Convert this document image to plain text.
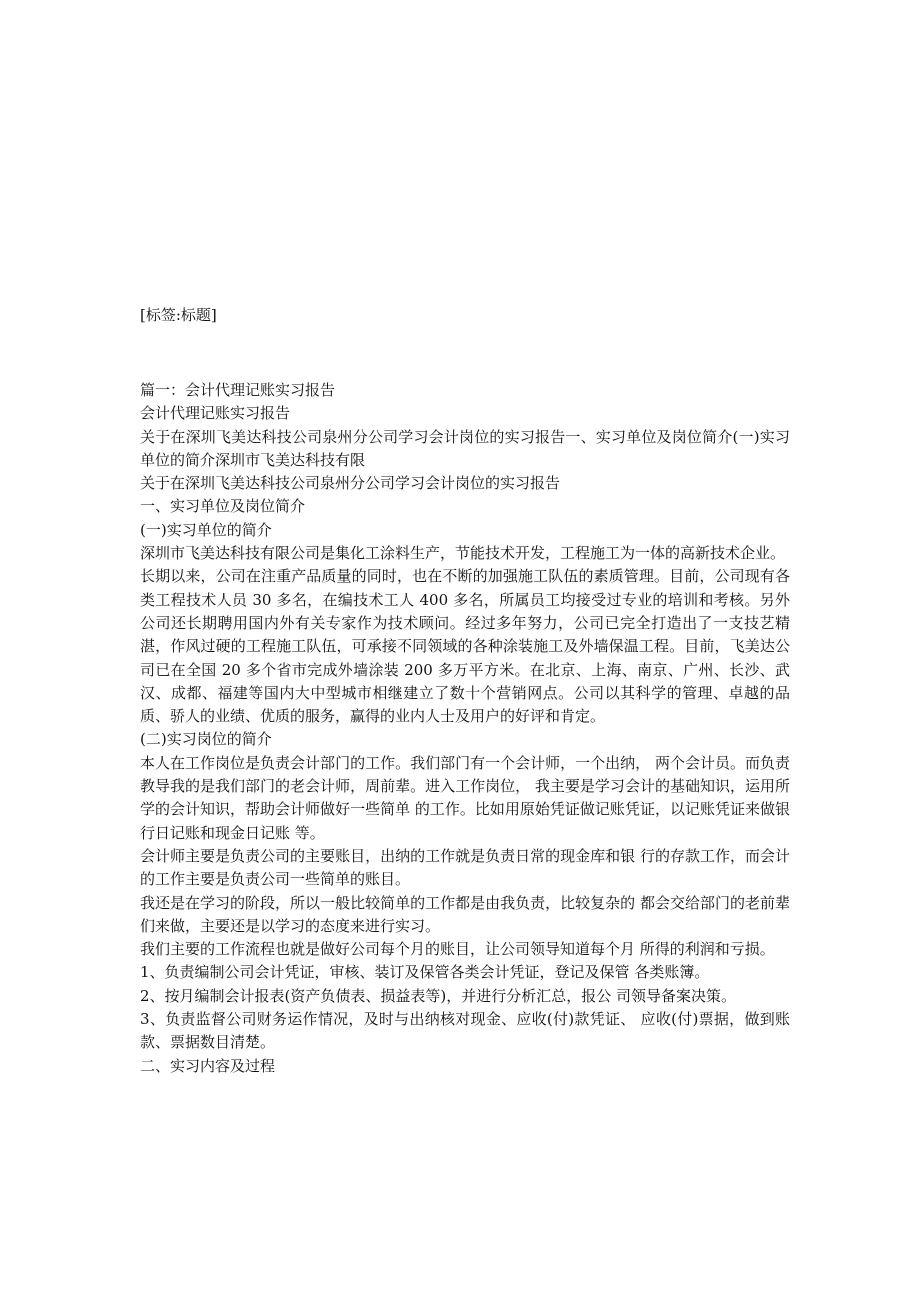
[标签:标题]

篇一：会计代理记账实习报告

会计代理记账实习报告

关于在深圳飞美达科技公司泉州分公司学习会计岗位的实习报告一、实习单位及岗位简介(一)实习单位的简介深圳市飞美达科技有限

关于在深圳飞美达科技公司泉州分公司学习会计岗位的实习报告

一、实习单位及岗位简介

(一)实习单位的简介

深圳市飞美达科技有限公司是集化工涂料生产，节能技术开发，工程施工为一体的高新技术企业。

长期以来，公司在注重产品质量的同时，也在不断的加强施工队伍的素质管理。目前，公司现有各类工程技术人员 30 多名，在编技术工人 400 多名，所属员工均接受过专业的培训和考核。另外公司还长期聘用国内外有关专家作为技术顾问。经过多年努力，公司已完全打造出了一支技艺精湛，作风过硬的工程施工队伍，可承接不同领域的各种涂装施工及外墙保温工程。目前，飞美达公司已在全国 20 多个省市完成外墙涂装 200 多万平方米。在北京、上海、南京、广州、长沙、武汉、成都、福建等国内大中型城市相继建立了数十个营销网点。公司以其科学的管理、卓越的品质、骄人的业绩、优质的服务，赢得的业内人士及用户的好评和肯定。

(二)实习岗位的简介

本人在工作岗位是负责会计部门的工作。我们部门有一个会计师，一个出纳， 两个会计员。而负责教导我的是我们部门的老会计师，周前辈。进入工作岗位， 我主要是学习会计的基础知识，运用所学的会计知识，帮助会计师做好一些简单 的工作。比如用原始凭证做记账凭证，以记账凭证来做银行日记账和现金日记账 等。

会计师主要是负责公司的主要账目，出纳的工作就是负责日常的现金库和银 行的存款工作，而会计的工作主要是负责公司一些简单的账目。

我还是在学习的阶段，所以一般比较简单的工作都是由我负责，比较复杂的 都会交给部门的老前辈们来做，主要还是以学习的态度来进行实习。

我们主要的工作流程也就是做好公司每个月的账目，让公司领导知道每个月 所得的利润和亏损。

1、负责编制公司会计凭证，审核、装订及保管各类会计凭证，登记及保管 各类账簿。

2、按月编制会计报表(资产负债表、损益表等)，并进行分析汇总，报公 司领导备案决策。

3、负责监督公司财务运作情况，及时与出纳核对现金、应收(付)款凭证、 应收(付)票据，做到账款、票据数目清楚。

二、实习内容及过程
